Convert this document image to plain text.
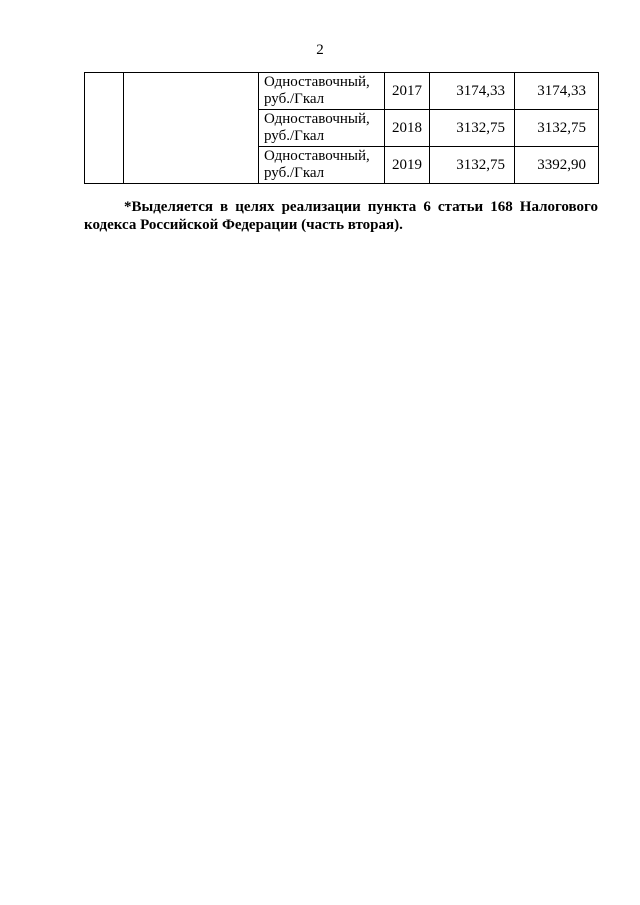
2

		Одноставочный,
руб./Гкал	2017	3174,33	3174,33

		Одноставочный,
руб./Гкал	2018	3132,75	3132,75

		Одноставочный,
руб./Гкал	2019	3132,75	3392,90
*Выделяется в целях реализации пункта 6 статьи 168 Налогового
кодекса Российской Федерации (часть вторая).
